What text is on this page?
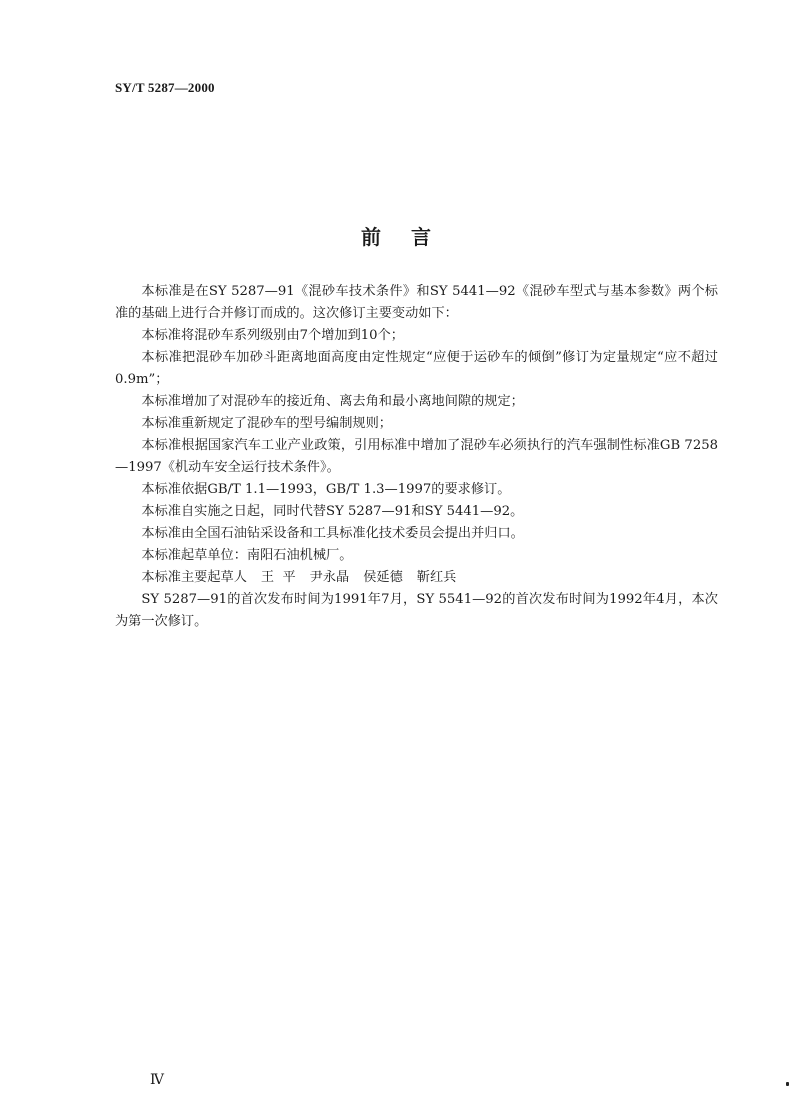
SY/T 5287—2000
前言

本标准是在SY 5287—91《混砂车技术条件》和SY 5441—92《混砂车型式与基本参数》两个标准的基础上进行合并修订而成的。这次修订主要变动如下：

本标准将混砂车系列级别由7个增加到10个；

本标准把混砂车加砂斗距离地面高度由定性规定“应便于运砂车的倾倒”修订为定量规定“应不超过0.9m”；

本标准增加了对混砂车的接近角、离去角和最小离地间隙的规定；

本标准重新规定了混砂车的型号编制规则；

本标准根据国家汽车工业产业政策，引用标准中增加了混砂车必须执行的汽车强制性标准GB 7258—1997《机动车安全运行技术条件》。

本标准依据GB/T 1.1—1993，GB/T 1.3—1997的要求修订。

本标准自实施之日起，同时代替SY 5287—91和SY 5441—92。

本标准由全国石油钻采设备和工具标准化技术委员会提出并归口。

本标准起草单位：南阳石油机械厂。

本标准主要起草人 王  平 尹永晶 侯延德 靳红兵

SY 5287—91的首次发布时间为1991年7月，SY 5541—92的首次发布时间为1992年4月，本次为第一次修订。

Ⅳ
